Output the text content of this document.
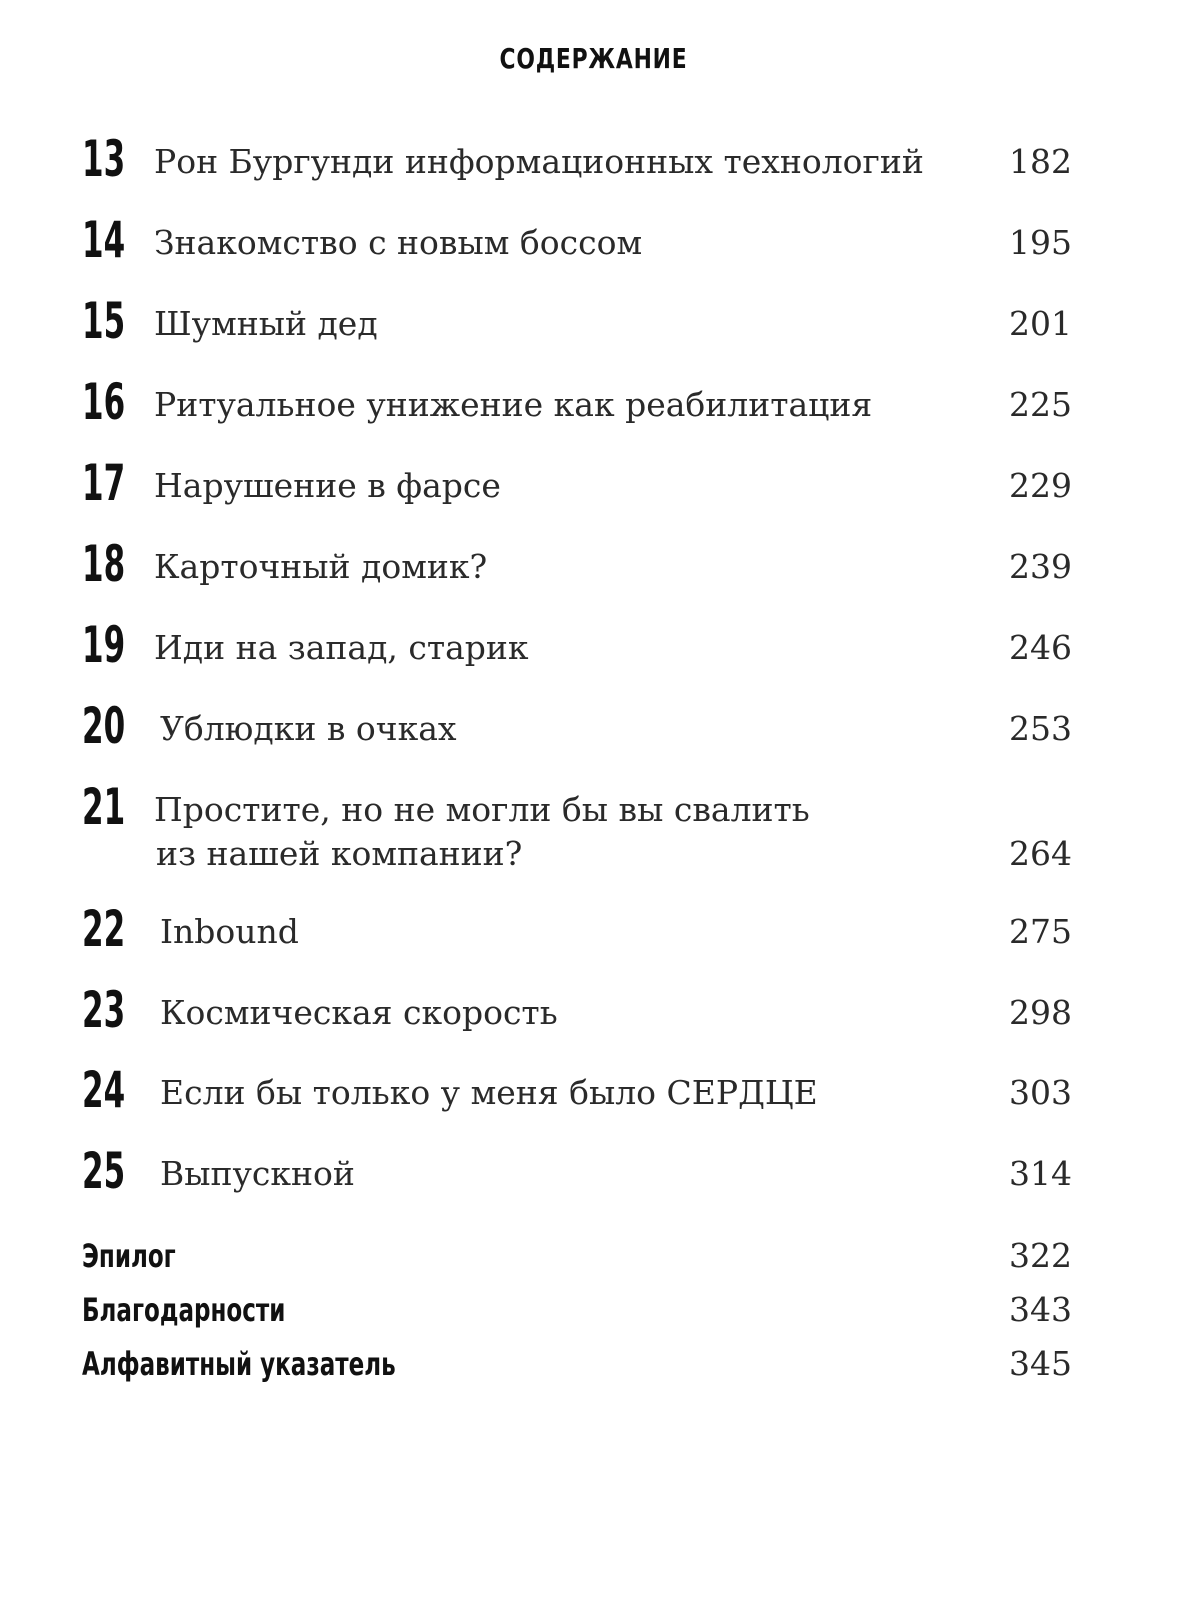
СОДЕРЖАНИЕ
13 Рон Бургунди информационных технологий	182
14 Знакомство с новым боссом	195
15 Шумный дед	201
16 Ритуальное унижение как реабилитация	225
17 Нарушение в фарсе	229
18 Карточный домик?	239
19 Иди на запад, старик	246
20 Ублюдки в очках	253
21 Простите, но не могли бы вы свалить
из нашей компании?	264
22 Inbound	275
23 Космическая скорость	298
24 Если бы только у меня было СЕРДЦЕ	303
25 Выпускной	314
Эпилог	322
Благодарности	343
Алфавитный указатель	345
